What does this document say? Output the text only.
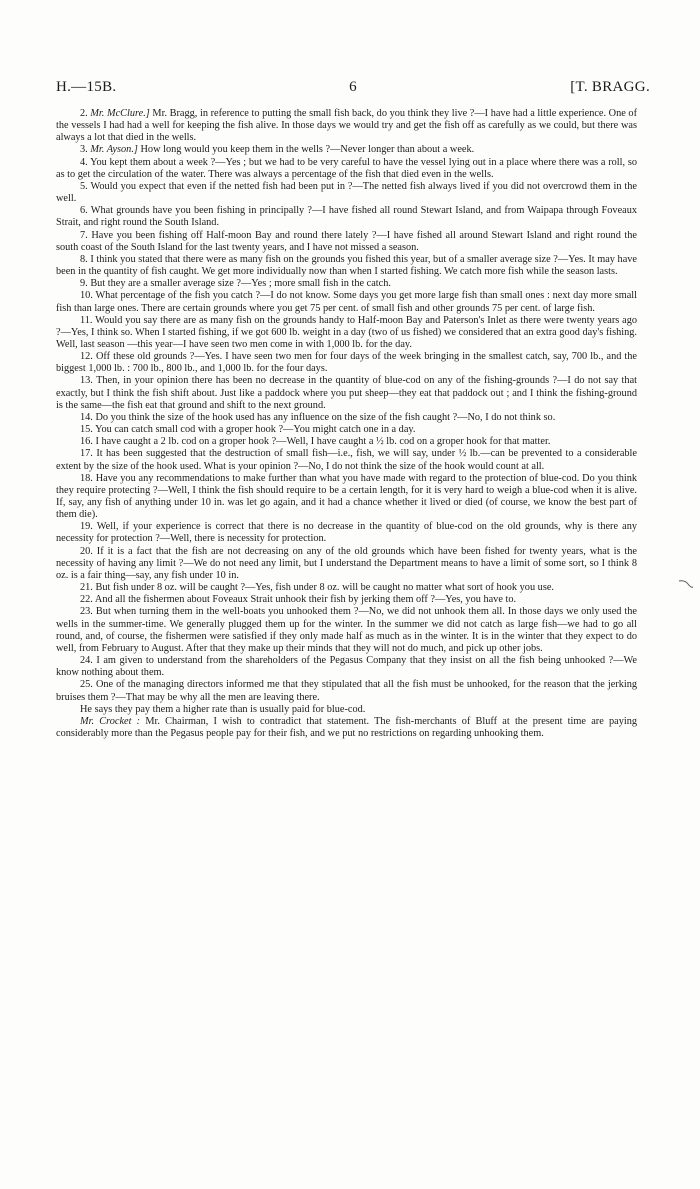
H.—15B.	6	[T. BRAGG.

2. Mr. McClure.] Mr. Bragg, in reference to putting the small fish back, do you think they live ?—I have had a little experience. One of the vessels I had had a well for keeping the fish alive. In those days we would try and get the fish off as carefully as we could, but there was always a lot that died in the wells.

3. Mr. Ayson.] How long would you keep them in the wells ?—Never longer than about a week.

4. You kept them about a week ?—Yes ; but we had to be very careful to have the vessel lying out in a place where there was a roll, so as to get the circulation of the water. There was always a percentage of the fish that died even in the wells.

5. Would you expect that even if the netted fish had been put in ?—The netted fish always lived if you did not overcrowd them in the well.

6. What grounds have you been fishing in principally ?—I have fished all round Stewart Island, and from Waipapa through Foveaux Strait, and right round the South Island.

7. Have you been fishing off Half-moon Bay and round there lately ?—I have fished all around Stewart Island and right round the south coast of the South Island for the last twenty years, and I have not missed a season.

8. I think you stated that there were as many fish on the grounds you fished this year, but of a smaller average size ?—Yes. It may have been in the quantity of fish caught. We get more individually now than when I started fishing. We catch more fish while the season lasts.

9. But they are a smaller average size ?—Yes ; more small fish in the catch.

10. What percentage of the fish you catch ?—I do not know. Some days you get more large fish than small ones : next day more small fish than large ones. There are certain grounds where you get 75 per cent. of small fish and other grounds 75 per cent. of large fish.

11. Would you say there are as many fish on the grounds handy to Half-moon Bay and Paterson's Inlet as there were twenty years ago ?—Yes, I think so. When I started fishing, if we got 600 lb. weight in a day (two of us fished) we considered that an extra good day's fishing. Well, last season —this year—I have seen two men come in with 1,000 lb. for the day.

12. Off these old grounds ?—Yes. I have seen two men for four days of the week bringing in the smallest catch, say, 700 lb., and the biggest 1,000 lb. : 700 lb., 800 lb., and 1,000 lb. for the four days.

13. Then, in your opinion there has been no decrease in the quantity of blue-cod on any of the fishing-grounds ?—I do not say that exactly, but I think the fish shift about. Just like a paddock where you put sheep—they eat that paddock out ; and I think the fishing-ground is the same—the fish eat that ground and shift to the next ground.

14. Do you think the size of the hook used has any influence on the size of the fish caught ?—No, I do not think so.

15. You can catch small cod with a groper hook ?—You might catch one in a day.

16. I have caught a 2 lb. cod on a groper hook ?—Well, I have caught a ½ lb. cod on a groper hook for that matter.

17. It has been suggested that the destruction of small fish—i.e., fish, we will say, under ½ lb.—can be prevented to a considerable extent by the size of the hook used. What is your opinion ?—No, I do not think the size of the hook would count at all.

18. Have you any recommendations to make further than what you have made with regard to the protection of blue-cod. Do you think they require protecting ?—Well, I think the fish should require to be a certain length, for it is very hard to weigh a blue-cod when it is alive. If, say, any fish of anything under 10 in. was let go again, and it had a chance whether it lived or died (of course, we know the best part of them die).

19. Well, if your experience is correct that there is no decrease in the quantity of blue-cod on the old grounds, why is there any necessity for protection ?—Well, there is necessity for protection.

20. If it is a fact that the fish are not decreasing on any of the old grounds which have been fished for twenty years, what is the necessity of having any limit ?—We do not need any limit, but I understand the Department means to have a limit of some sort, so I think 8 oz. is a fair thing—say, any fish under 10 in.

21. But fish under 8 oz. will be caught ?—Yes, fish under 8 oz. will be caught no matter what sort of hook you use.

22. And all the fishermen about Foveaux Strait unhook their fish by jerking them off ?—Yes, you have to.

23. But when turning them in the well-boats you unhooked them ?—No, we did not unhook them all. In those days we only used the wells in the summer-time. We generally plugged them up for the winter. In the summer we did not catch as large fish—we had to go all round, and, of course, the fishermen were satisfied if they only made half as much as in the winter. It is in the winter that they expect to do well, from February to August. After that they make up their minds that they will not do much, and pick up other jobs.

24. I am given to understand from the shareholders of the Pegasus Company that they insist on all the fish being unhooked ?—We know nothing about them.

25. One of the managing directors informed me that they stipulated that all the fish must be unhooked, for the reason that the jerking bruises them ?—That may be why all the men are leaving there.

He says they pay them a higher rate than is usually paid for blue-cod.

Mr. Crocket : Mr. Chairman, I wish to contradict that statement. The fish-merchants of Bluff at the present time are paying considerably more than the Pegasus people pay for their fish, and we put no restrictions on regarding unhooking them.
